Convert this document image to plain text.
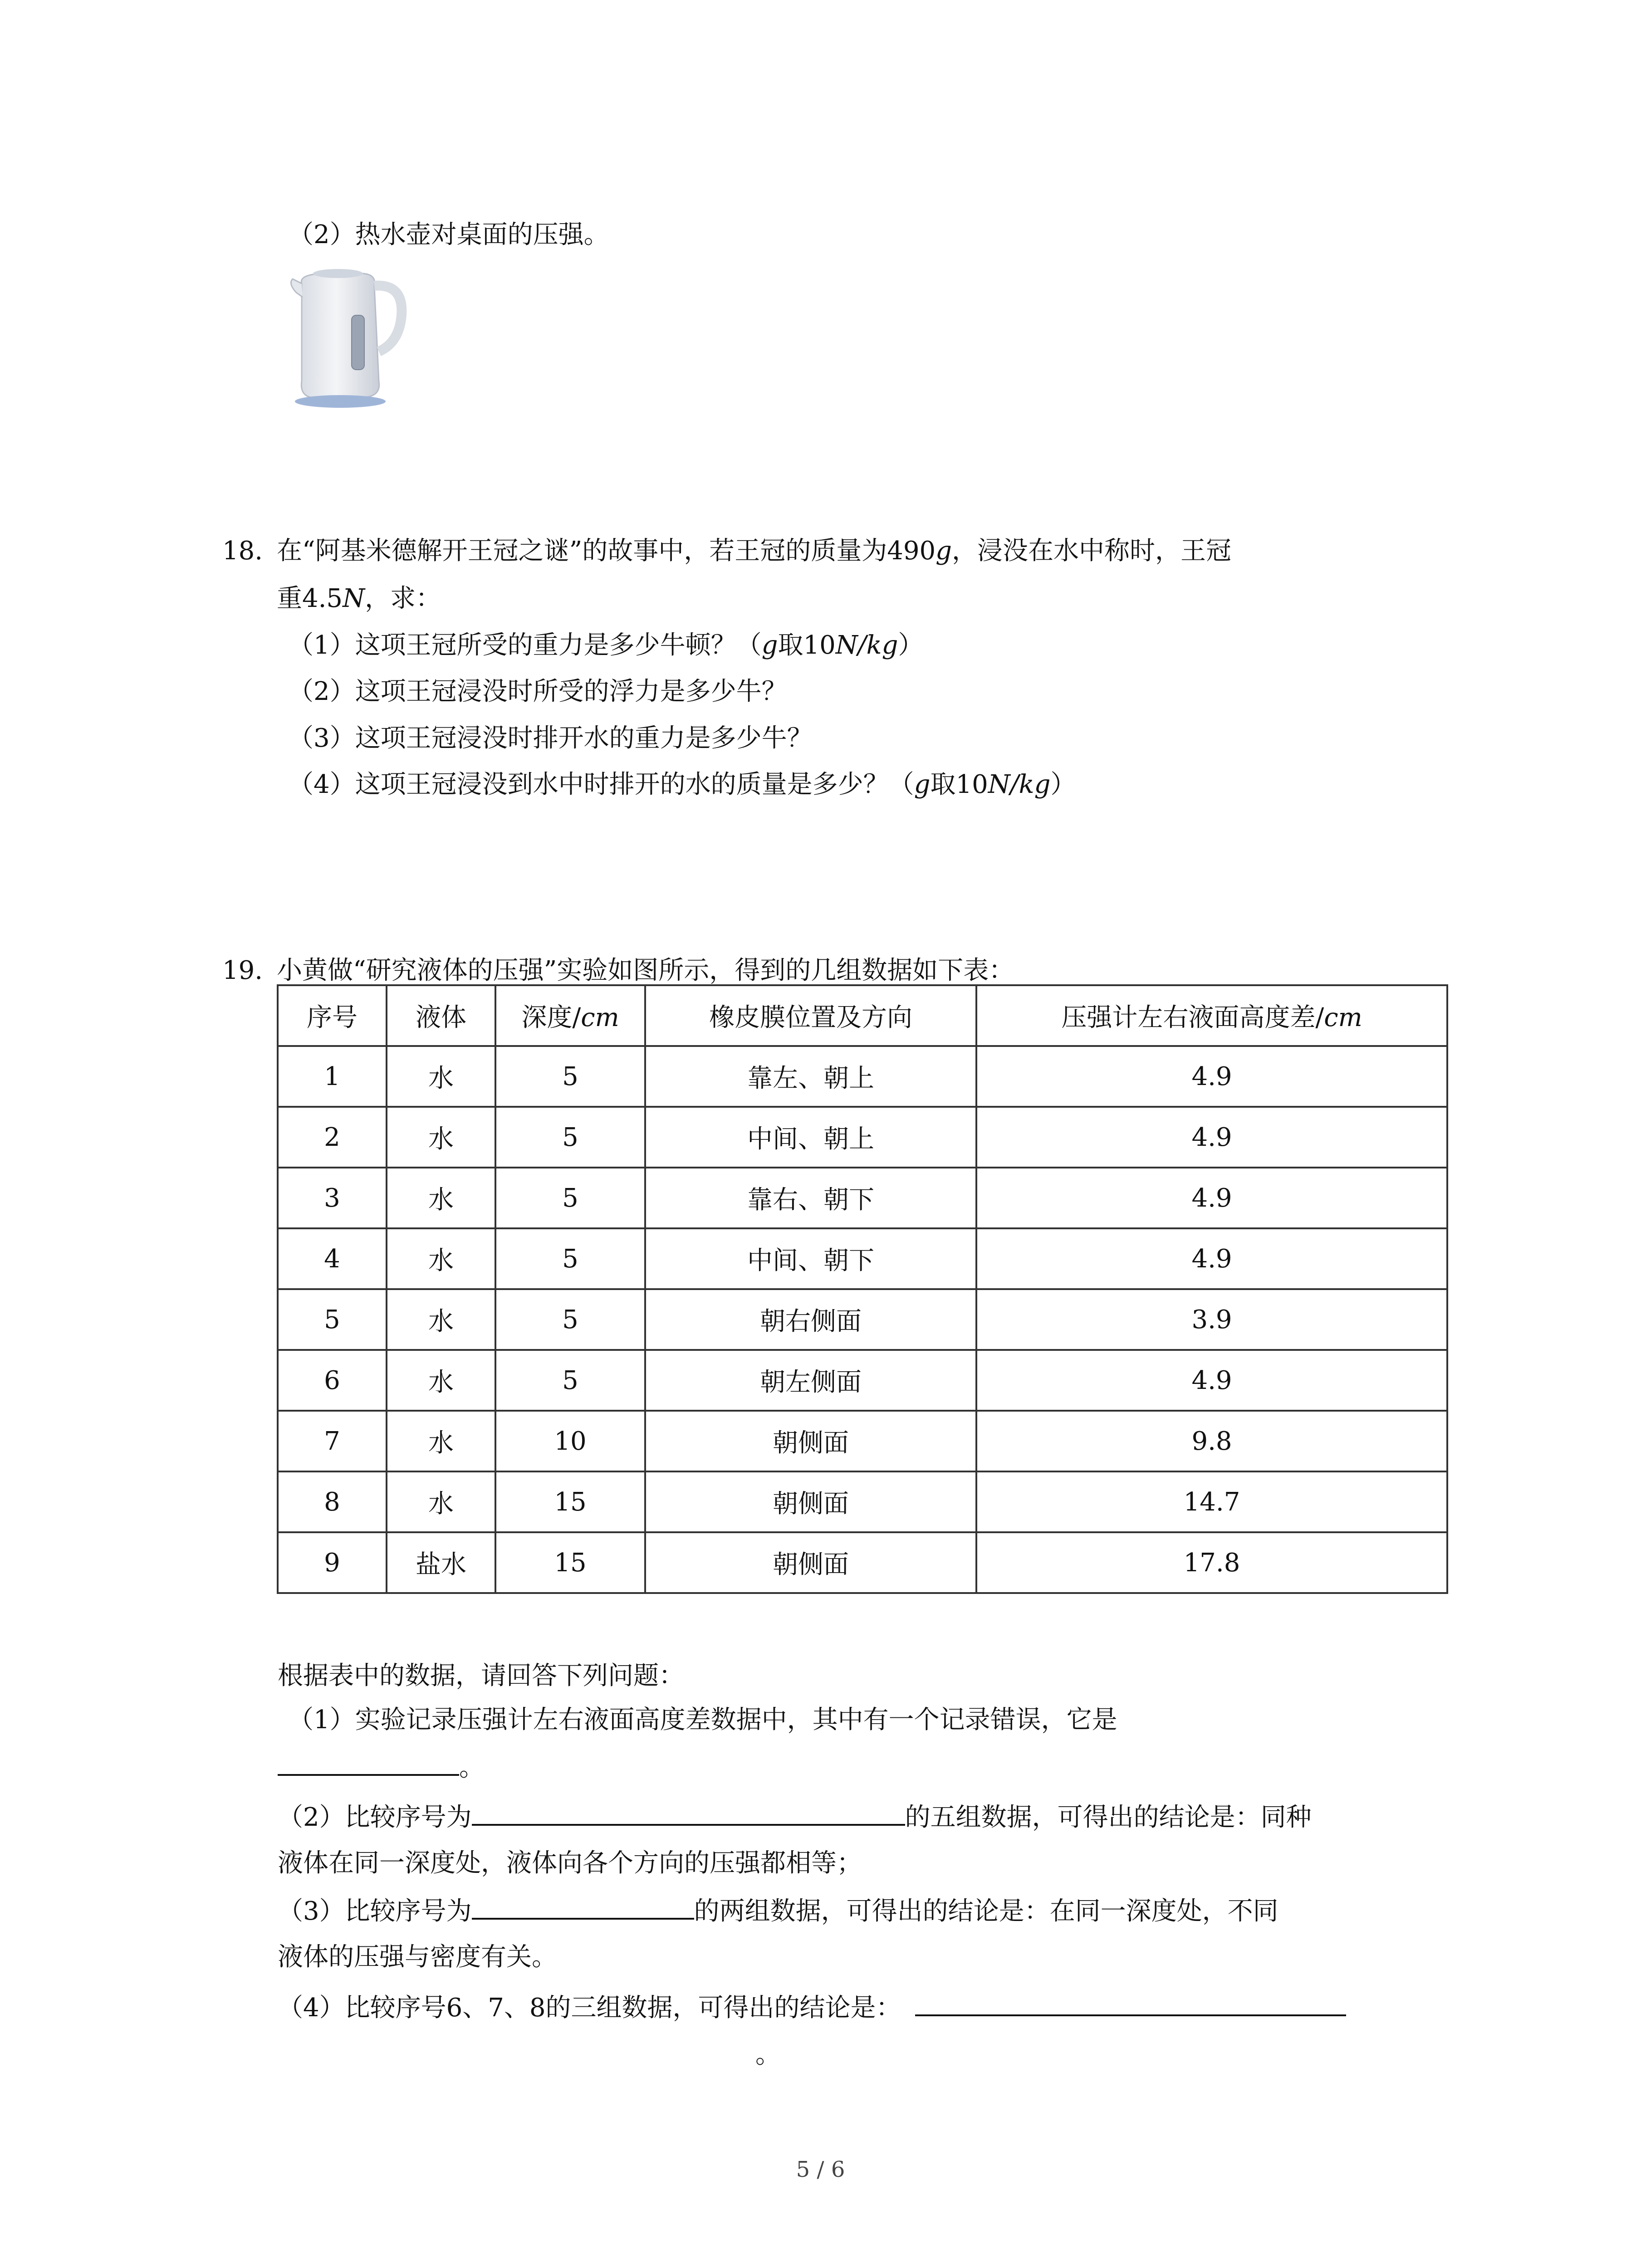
（2）热水壶对桌面的压强。
18. 在“阿基米德解开王冠之谜”的故事中，若王冠的质量为490g，浸没在水中称时，王冠
重4.5N，求：
（1）这项王冠所受的重力是多少牛顿？（g取10N/kg）
（2）这项王冠浸没时所受的浮力是多少牛？
（3）这项王冠浸没时排开水的重力是多少牛？
（4）这项王冠浸没到水中时排开的水的质量是多少？（g取10N/kg）
19. 小黄做“研究液体的压强”实验如图所示，得到的几组数据如下表：
序号	液体	深度/cm	橡皮膜位置及方向	压强计左右液面高度差/cm
1	水	5	靠左、朝上	4.9
2	水	5	中间、朝上	4.9
3	水	5	靠右、朝下	4.9
4	水	5	中间、朝下	4.9
5	水	5	朝右侧面	3.9
6	水	5	朝左侧面	4.9
7	水	10	朝侧面	9.8
8	水	15	朝侧面	14.7
9	盐水	15	朝侧面	17.8
根据表中的数据，请回答下列问题：
（1）实验记录压强计左右液面高度差数据中，其中有一个记录错误，它是
。
（2）比较序号为	的五组数据，可得出的结论是：同种
液体在同一深度处，液体向各个方向的压强都相等；
（3）比较序号为	的两组数据，可得出的结论是：在同一深度处，不同
液体的压强与密度有关。
（4）比较序号6、7、8的三组数据，可得出的结论是：
。
5 / 6
